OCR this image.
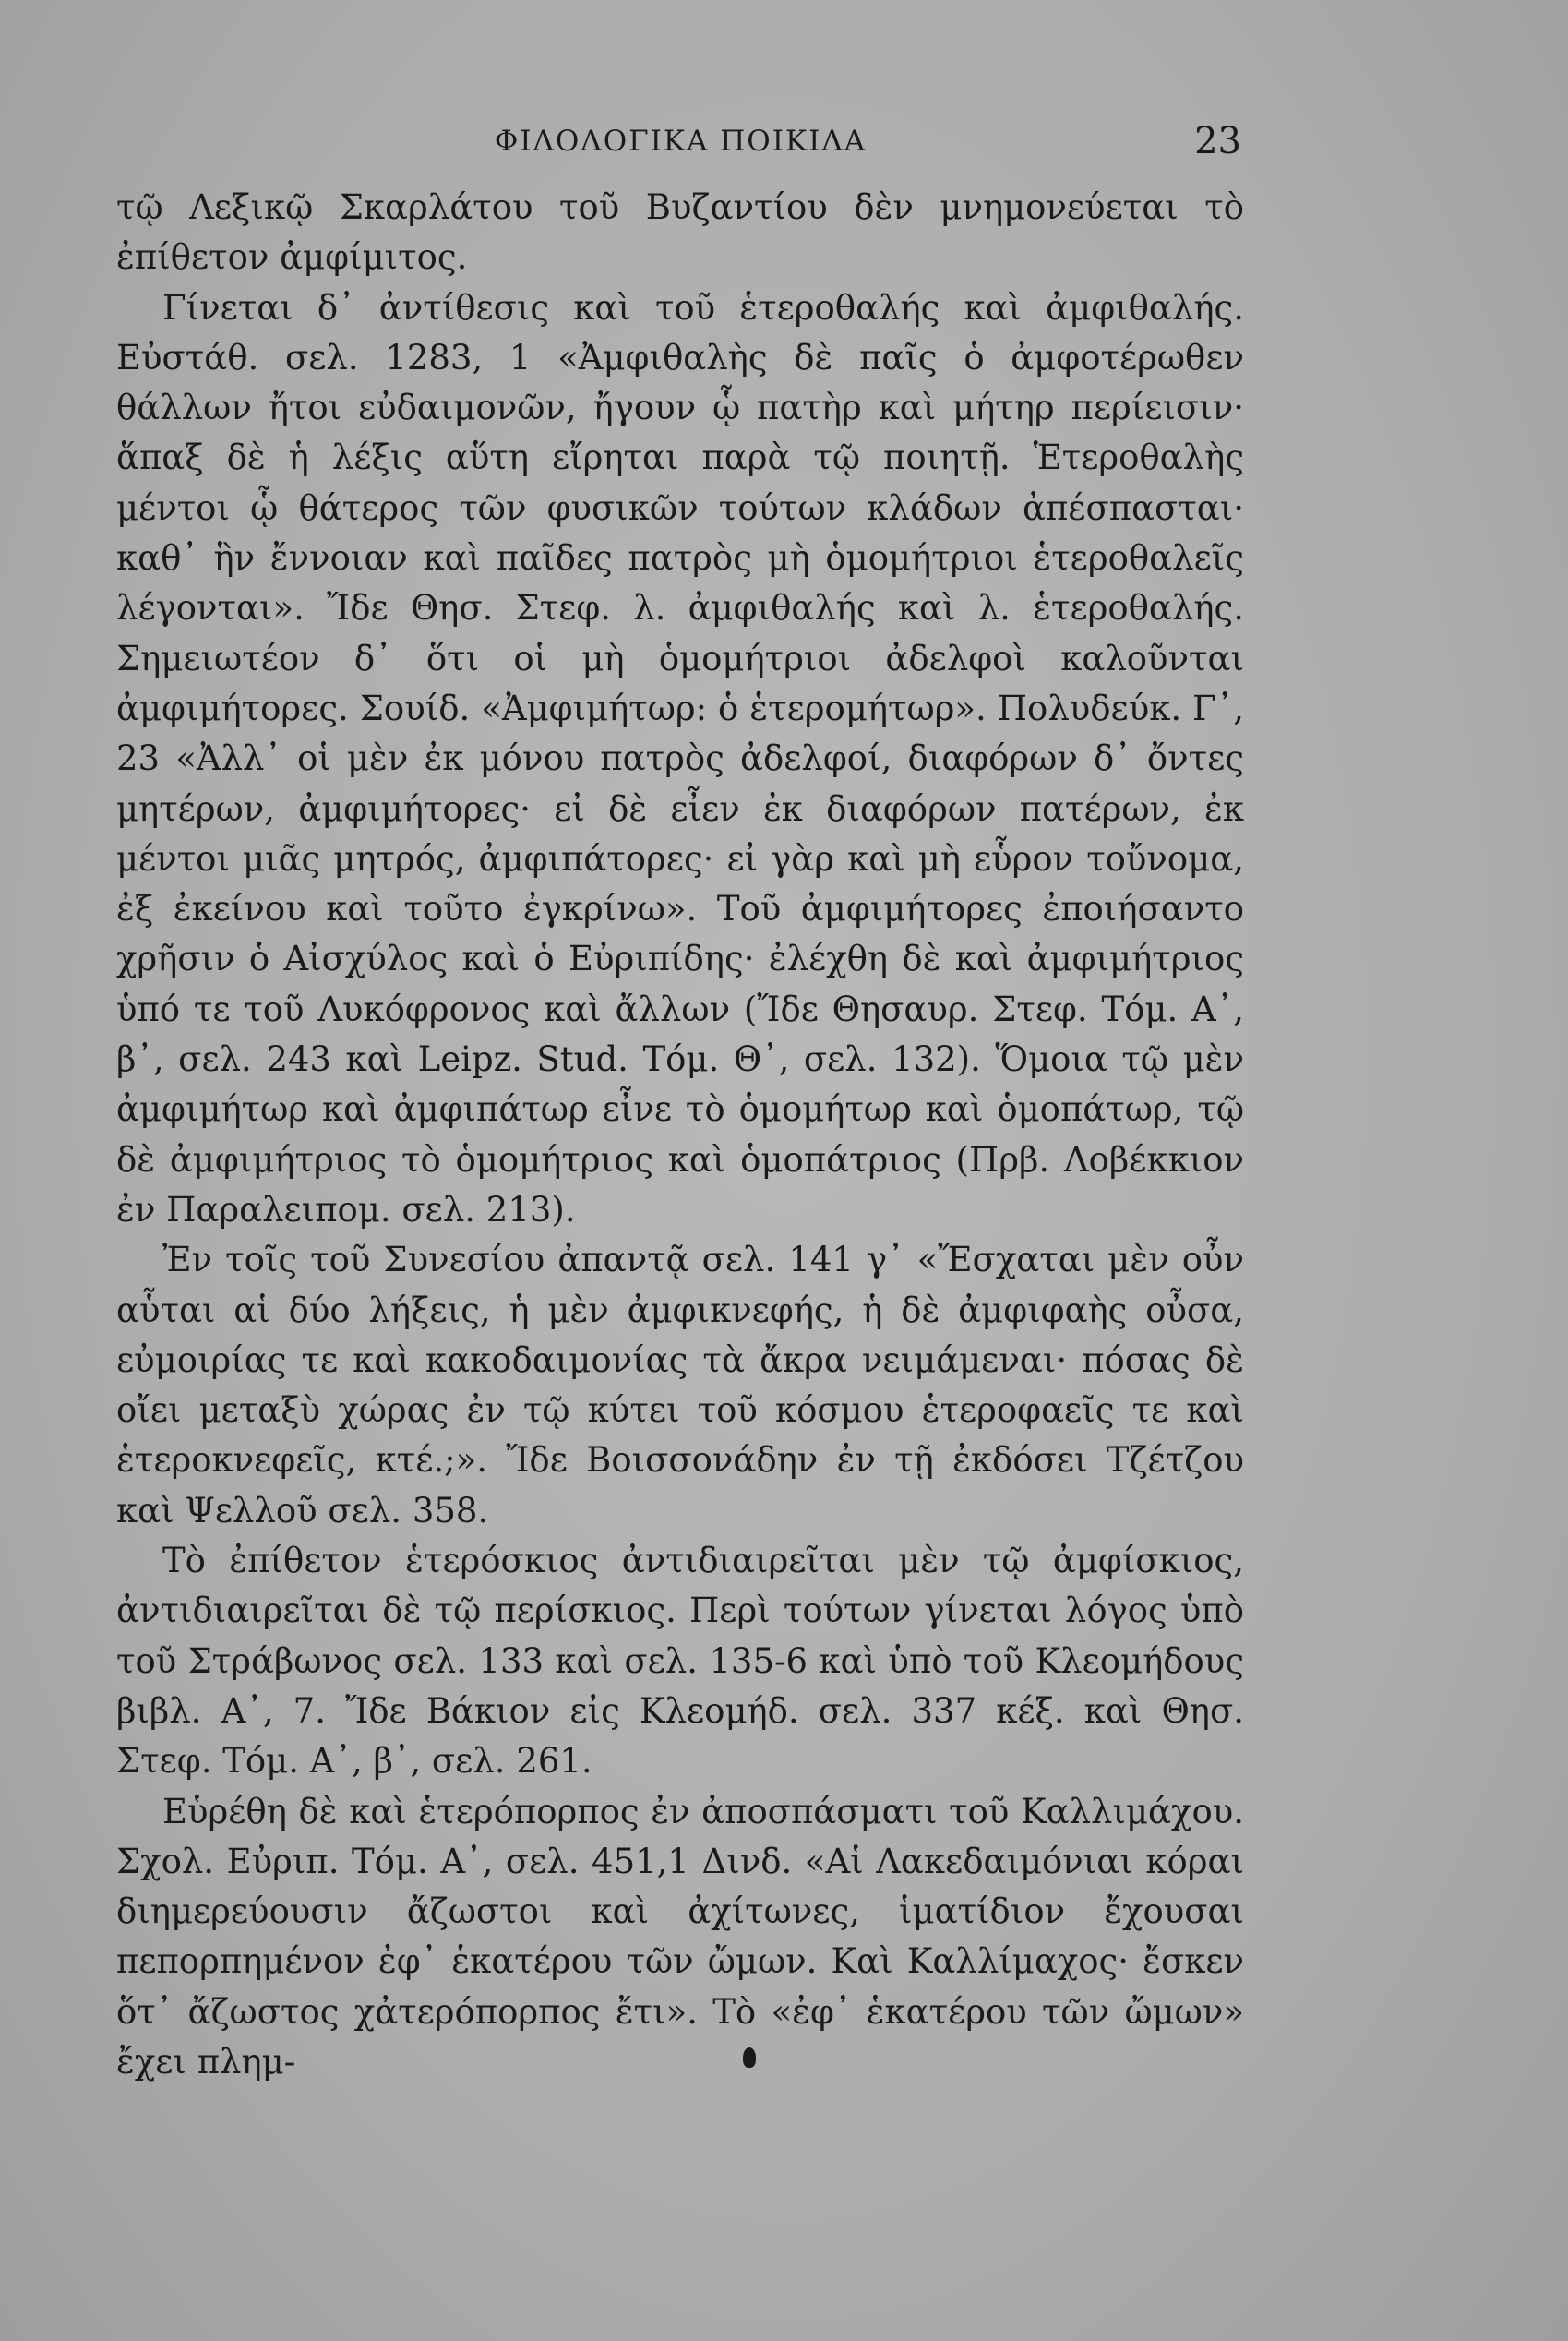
ΦΙΛΟΛΟΓΙΚΑ ΠΟΙΚΙΛΑ	23

τῷ Λεξικῷ Σκαρλάτου τοῦ Βυζαντίου δὲν μνημονεύεται τὸ ἐπίθετον ἀμφίμιτος.

Γίνεται δ᾽ ἀντίθεσις καὶ τοῦ ἑτεροθαλής καὶ ἀμφιθαλής. Εὐστάθ. σελ. 1283, 1 «Ἀμφιθαλὴς δὲ παῖς ὁ ἀμφοτέρωθεν θάλλων ἤτοι εὐδαιμονῶν, ἤγουν ᾧ πατὴρ καὶ μήτηρ περίεισιν· ἅπαξ δὲ ἡ λέξις αὕτη εἴρηται παρὰ τῷ ποιητῇ. Ἑτεροθαλὴς μέντοι ᾧ θάτερος τῶν φυσικῶν τούτων κλάδων ἀπέσπασται· καθ᾽ ἣν ἔννοιαν καὶ παῖδες πατρὸς μὴ ὁμομήτριοι ἑτεροθαλεῖς λέγονται». Ἴδε Θησ. Στεφ. λ. ἀμφιθαλής καὶ λ. ἑτεροθαλής. Σημειωτέον δ᾽ ὅτι οἱ μὴ ὁμομήτριοι ἀδελφοὶ καλοῦνται ἀμφιμήτορες. Σουίδ. «Ἀμφιμήτωρ: ὁ ἑτερομήτωρ». Πολυδεύκ. Γ᾽, 23 «Ἀλλ᾽ οἱ μὲν ἐκ μόνου πατρὸς ἀδελφοί, διαφόρων δ᾽ ὄντες μητέρων, ἀμφιμήτορες· εἰ δὲ εἶεν ἐκ διαφόρων πατέρων, ἐκ μέντοι μιᾶς μητρός, ἀμφιπάτορες· εἰ γὰρ καὶ μὴ εὗρον τοὔνομα, ἐξ ἐκείνου καὶ τοῦτο ἐγκρίνω». Τοῦ ἀμφιμήτορες ἐποιήσαντο χρῆσιν ὁ Αἰσχύλος καὶ ὁ Εὐριπίδης· ἐλέχθη δὲ καὶ ἀμφιμήτριος ὑπό τε τοῦ Λυκόφρονος καὶ ἄλλων (Ἴδε Θησαυρ. Στεφ. Τόμ. Α᾽, β᾽, σελ. 243 καὶ Leipz. Stud. Τόμ. Θ᾽, σελ. 132). Ὅμοια τῷ μὲν ἀμφιμήτωρ καὶ ἀμφιπάτωρ εἶνε τὸ ὁμομήτωρ καὶ ὁμοπάτωρ, τῷ δὲ ἀμφιμήτριος τὸ ὁμομήτριος καὶ ὁμοπάτριος (Πρβ. Λοβέκκιον ἐν Παραλειπομ. σελ. 213).

Ἐν τοῖς τοῦ Συνεσίου ἀπαντᾷ σελ. 141 γ᾽ «Ἔσχαται μὲν οὖν αὗται αἱ δύο λήξεις, ἡ μὲν ἀμφικνεφής, ἡ δὲ ἀμφιφαὴς οὖσα, εὐμοιρίας τε καὶ κακοδαιμονίας τὰ ἄκρα νειμάμεναι· πόσας δὲ οἴει μεταξὺ χώρας ἐν τῷ κύτει τοῦ κόσμου ἑτεροφαεῖς τε καὶ ἑτεροκνεφεῖς, κτέ.;». Ἴδε Βοισσονάδην ἐν τῇ ἐκδόσει Τζέτζου καὶ Ψελλοῦ σελ. 358.

Τὸ ἐπίθετον ἑτερόσκιος ἀντιδιαιρεῖται μὲν τῷ ἀμφίσκιος, ἀντιδιαιρεῖται δὲ τῷ περίσκιος. Περὶ τούτων γίνεται λόγος ὑπὸ τοῦ Στράβωνος σελ. 133 καὶ σελ. 135-6 καὶ ὑπὸ τοῦ Κλεομήδους βιβλ. Α᾽, 7. Ἴδε Βάκιον εἰς Κλεομήδ. σελ. 337 κέξ. καὶ Θησ. Στεφ. Τόμ. Α᾽, β᾽, σελ. 261.

Εὑρέθη δὲ καὶ ἑτερόπορπος ἐν ἀποσπάσματι τοῦ Καλλιμάχου. Σχολ. Εὐριπ. Τόμ. Α᾽, σελ. 451,1 Δινδ. «Αἱ Λακεδαιμόνιαι κόραι διημερεύουσιν ἄζωστοι καὶ ἀχίτωνες, ἱματίδιον ἔχουσαι πεπορπημένον ἐφ᾽ ἑκατέρου τῶν ὤμων. Καὶ Καλλίμαχος· ἔσκεν ὅτ᾽ ἄζωστος χἀτερόπορπος ἔτι». Τὸ «ἐφ᾽ ἑκατέρου τῶν ὤμων» ἔχει πλημ-
